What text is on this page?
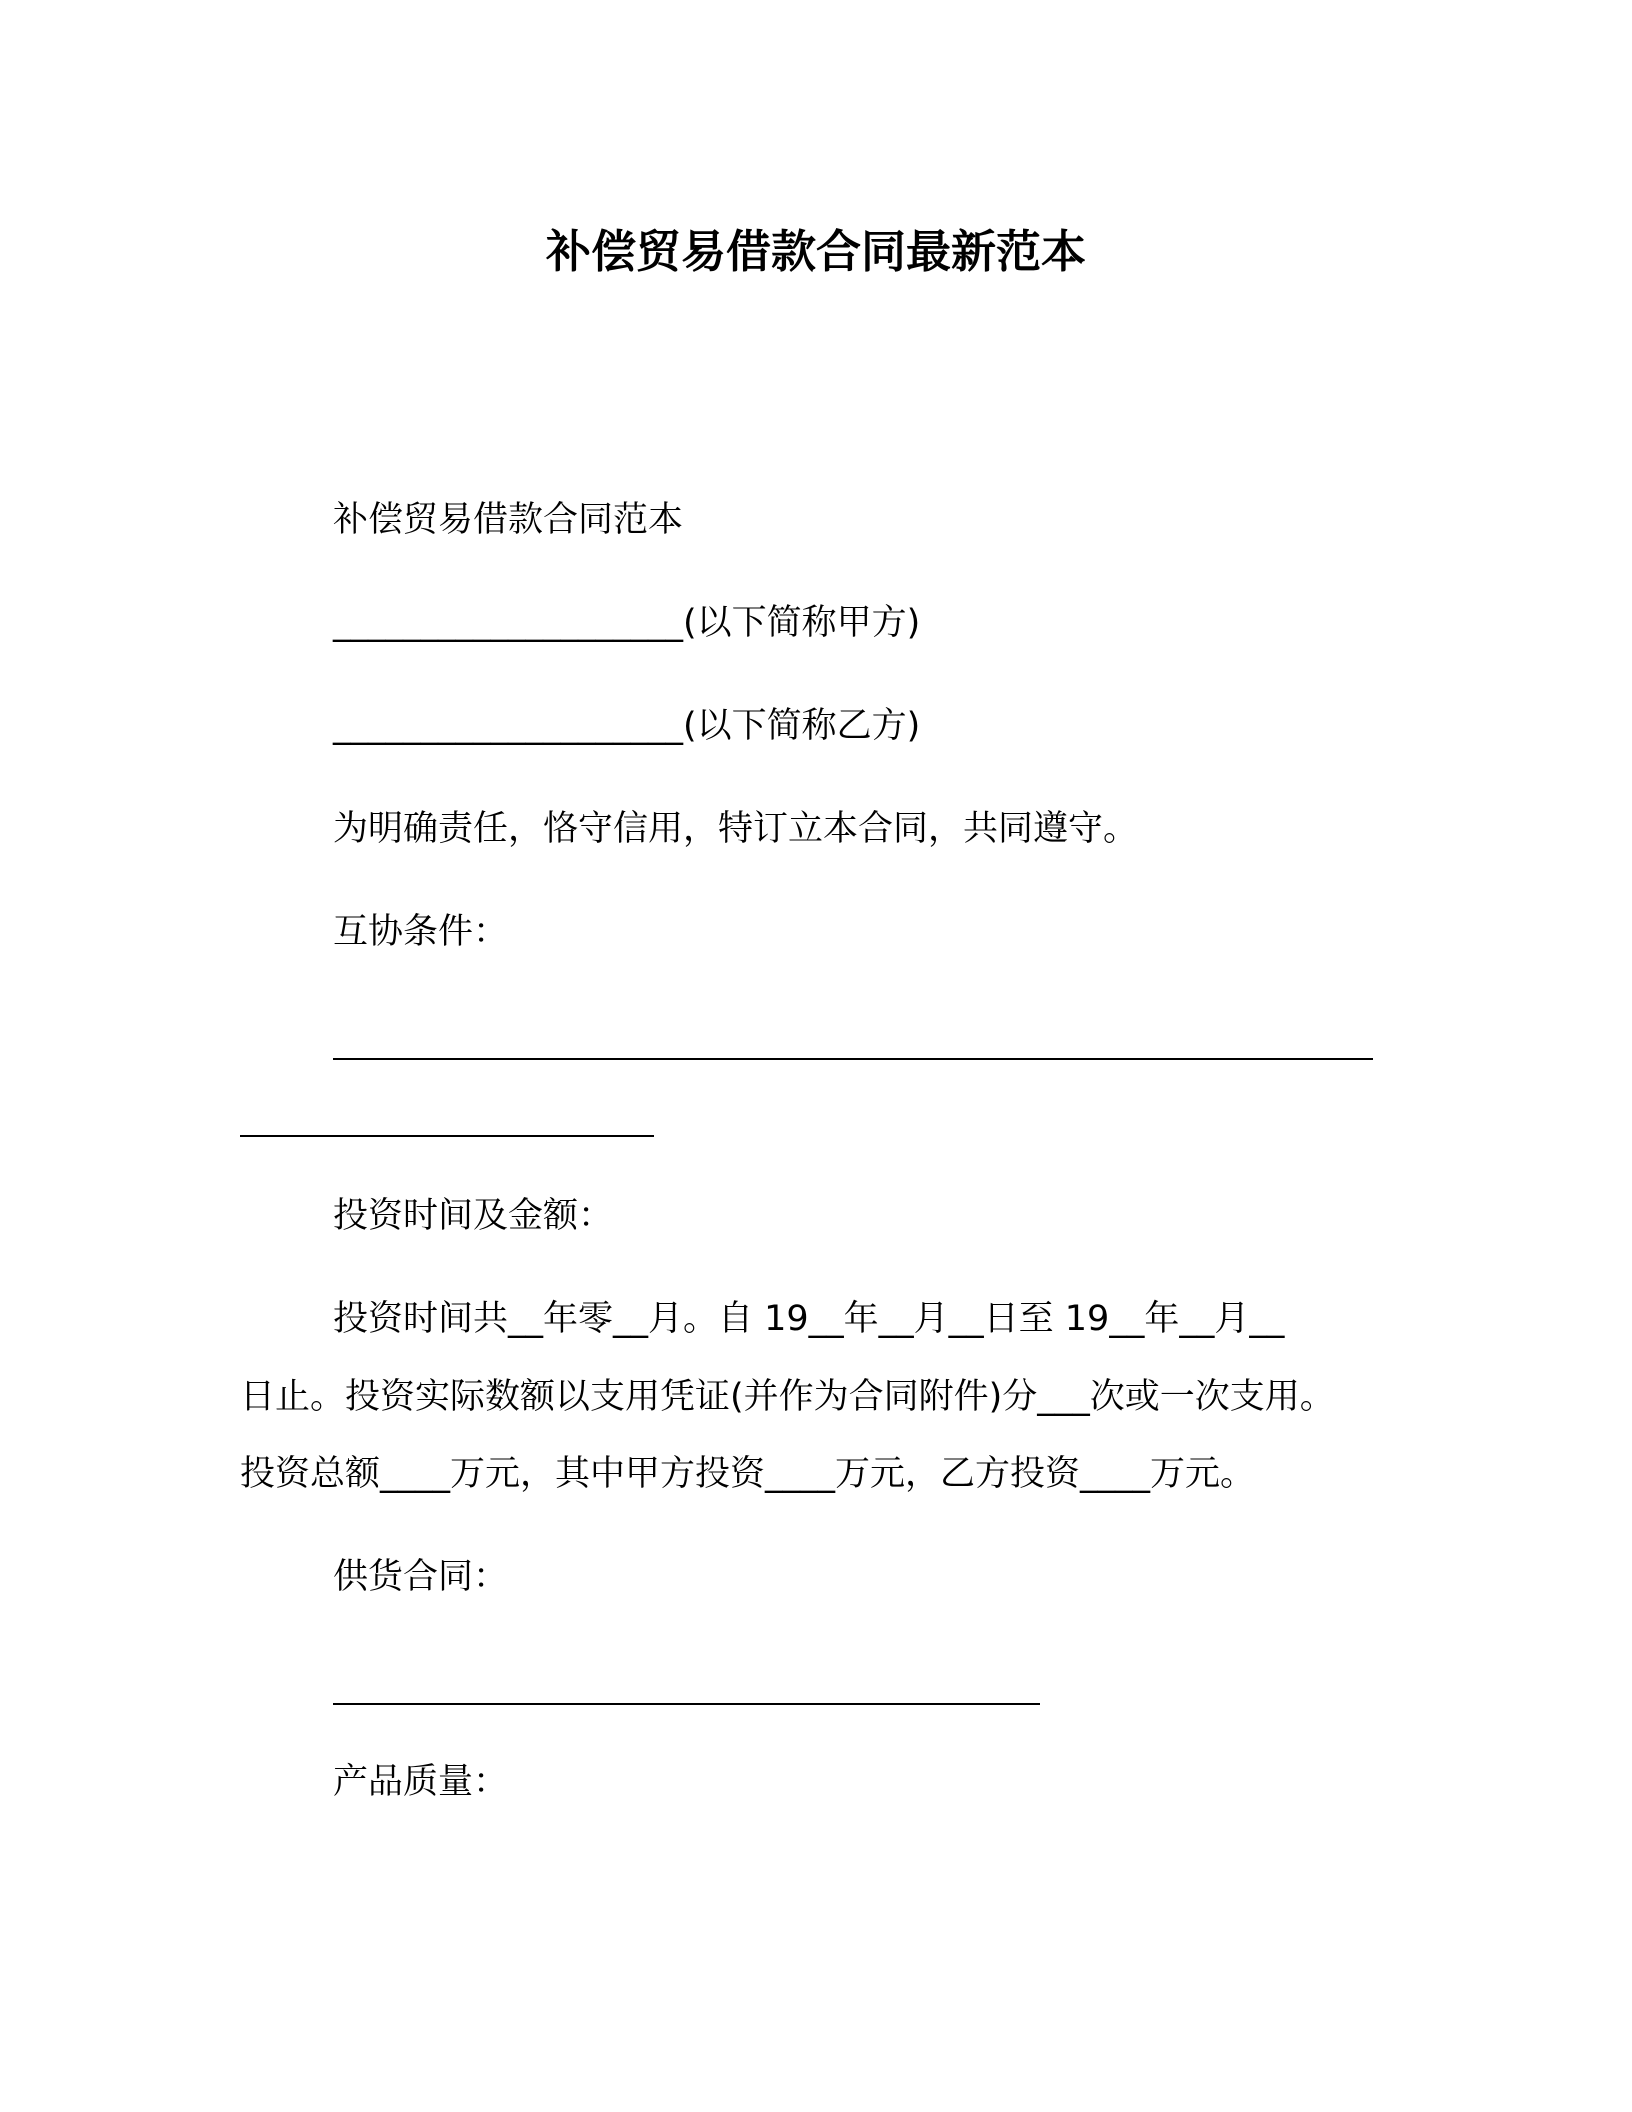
补偿贸易借款合同最新范本
补偿贸易借款合同范本
____________________(以下简称甲方)
____________________(以下简称乙方)
为明确责任，恪守信用，特订立本合同，共同遵守。
互协条件：
投资时间及金额：
投资时间共__年零__月。自 19__年__月__日至 19__年__月__
日止。投资实际数额以支用凭证(并作为合同附件)分___次或一次支用。
投资总额____万元，其中甲方投资____万元，乙方投资____万元。
供货合同：
产品质量：
